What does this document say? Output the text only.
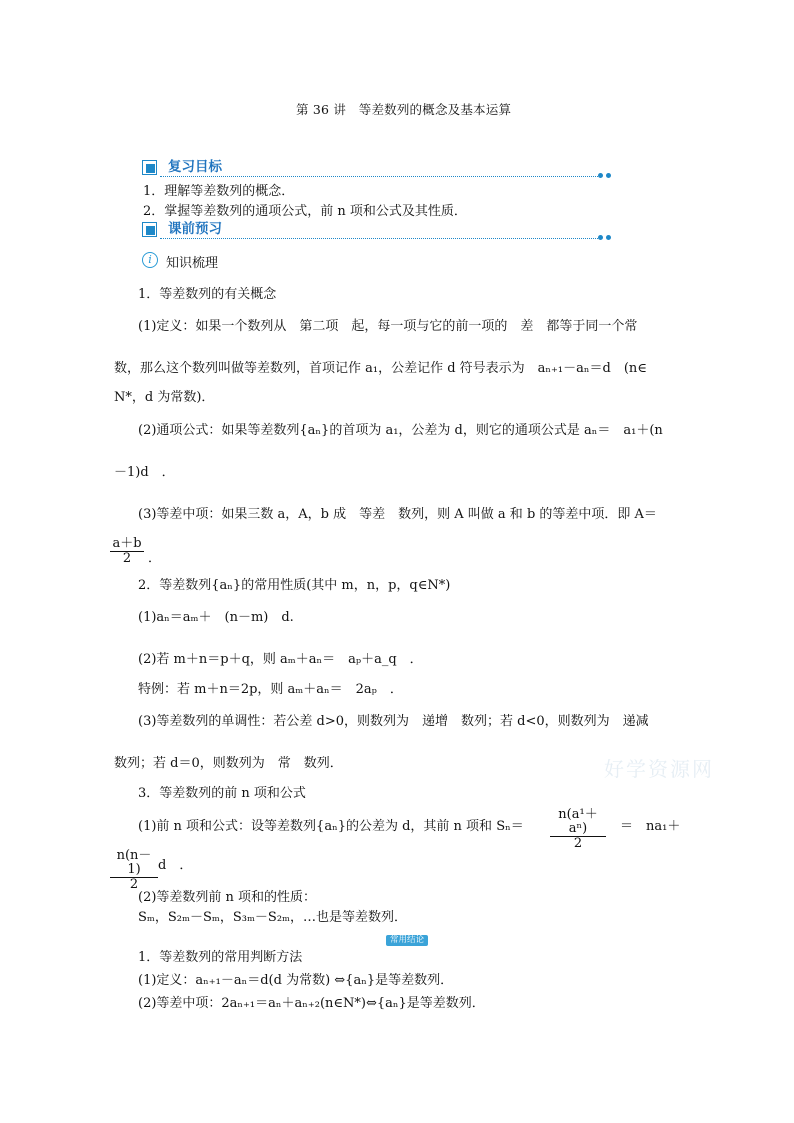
第 36 讲　等差数列的概念及基本运算
复习目标
1．理解等差数列的概念．
2．掌握等差数列的通项公式，前 n 项和公式及其性质．
课前预习
i	知识梳理
1．等差数列的有关概念
(1)定义：如果一个数列从　第二项　起，每一项与它的前一项的　差　都等于同一个常
数，那么这个数列叫做等差数列，首项记作 a₁，公差记作 d 符号表示为　aₙ₊₁－aₙ＝d　(n∈
N*，d 为常数)．
(2)通项公式：如果等差数列{aₙ}的首项为 a₁，公差为 d，则它的通项公式是 aₙ＝　a₁＋(n
－1)d　．
(3)等差中项：如果三数 a，A，b 成　等差　数列，则 A 叫做 a 和 b 的等差中项．即 A＝
$\frac{a+b}{2}$ ．
2．等差数列{aₙ}的常用性质(其中 m，n，p，q∈N*)
(1)aₙ＝aₘ＋　(n－m)　d.
(2)若 m＋n＝p＋q，则 aₘ＋aₙ＝　aₚ＋a_q　．
特例：若 m＋n＝2p，则 aₘ＋aₙ＝　2aₚ　．
(3)等差数列的单调性：若公差 d>0，则数列为　递增　数列；若 d<0，则数列为　递减
数列；若 d＝0，则数列为　常　数列．	好学资源网
3．等差数列的前 n 项和公式
(1)前 n 项和公式：设等差数列{aₙ}的公差为 d，其前 n 项和 $S_n= \frac{\text{n(a¹＋aⁿ)}}{2}$ ＝　na₁＋
$\frac{n(n-1)}{2}$ d　．
(2)等差数列前 n 项和的性质：
Sₘ，S₂ₘ－Sₘ，S₃ₘ－S₂ₘ，…也是等差数列．
常用结论
1．等差数列的常用判断方法
(1)定义：aₙ₊₁－aₙ＝d(d 为常数) ⇔{aₙ}是等差数列．
(2)等差中项：2aₙ₊₁＝aₙ＋aₙ₊₂(n∈N*)⇔{aₙ}是等差数列．
